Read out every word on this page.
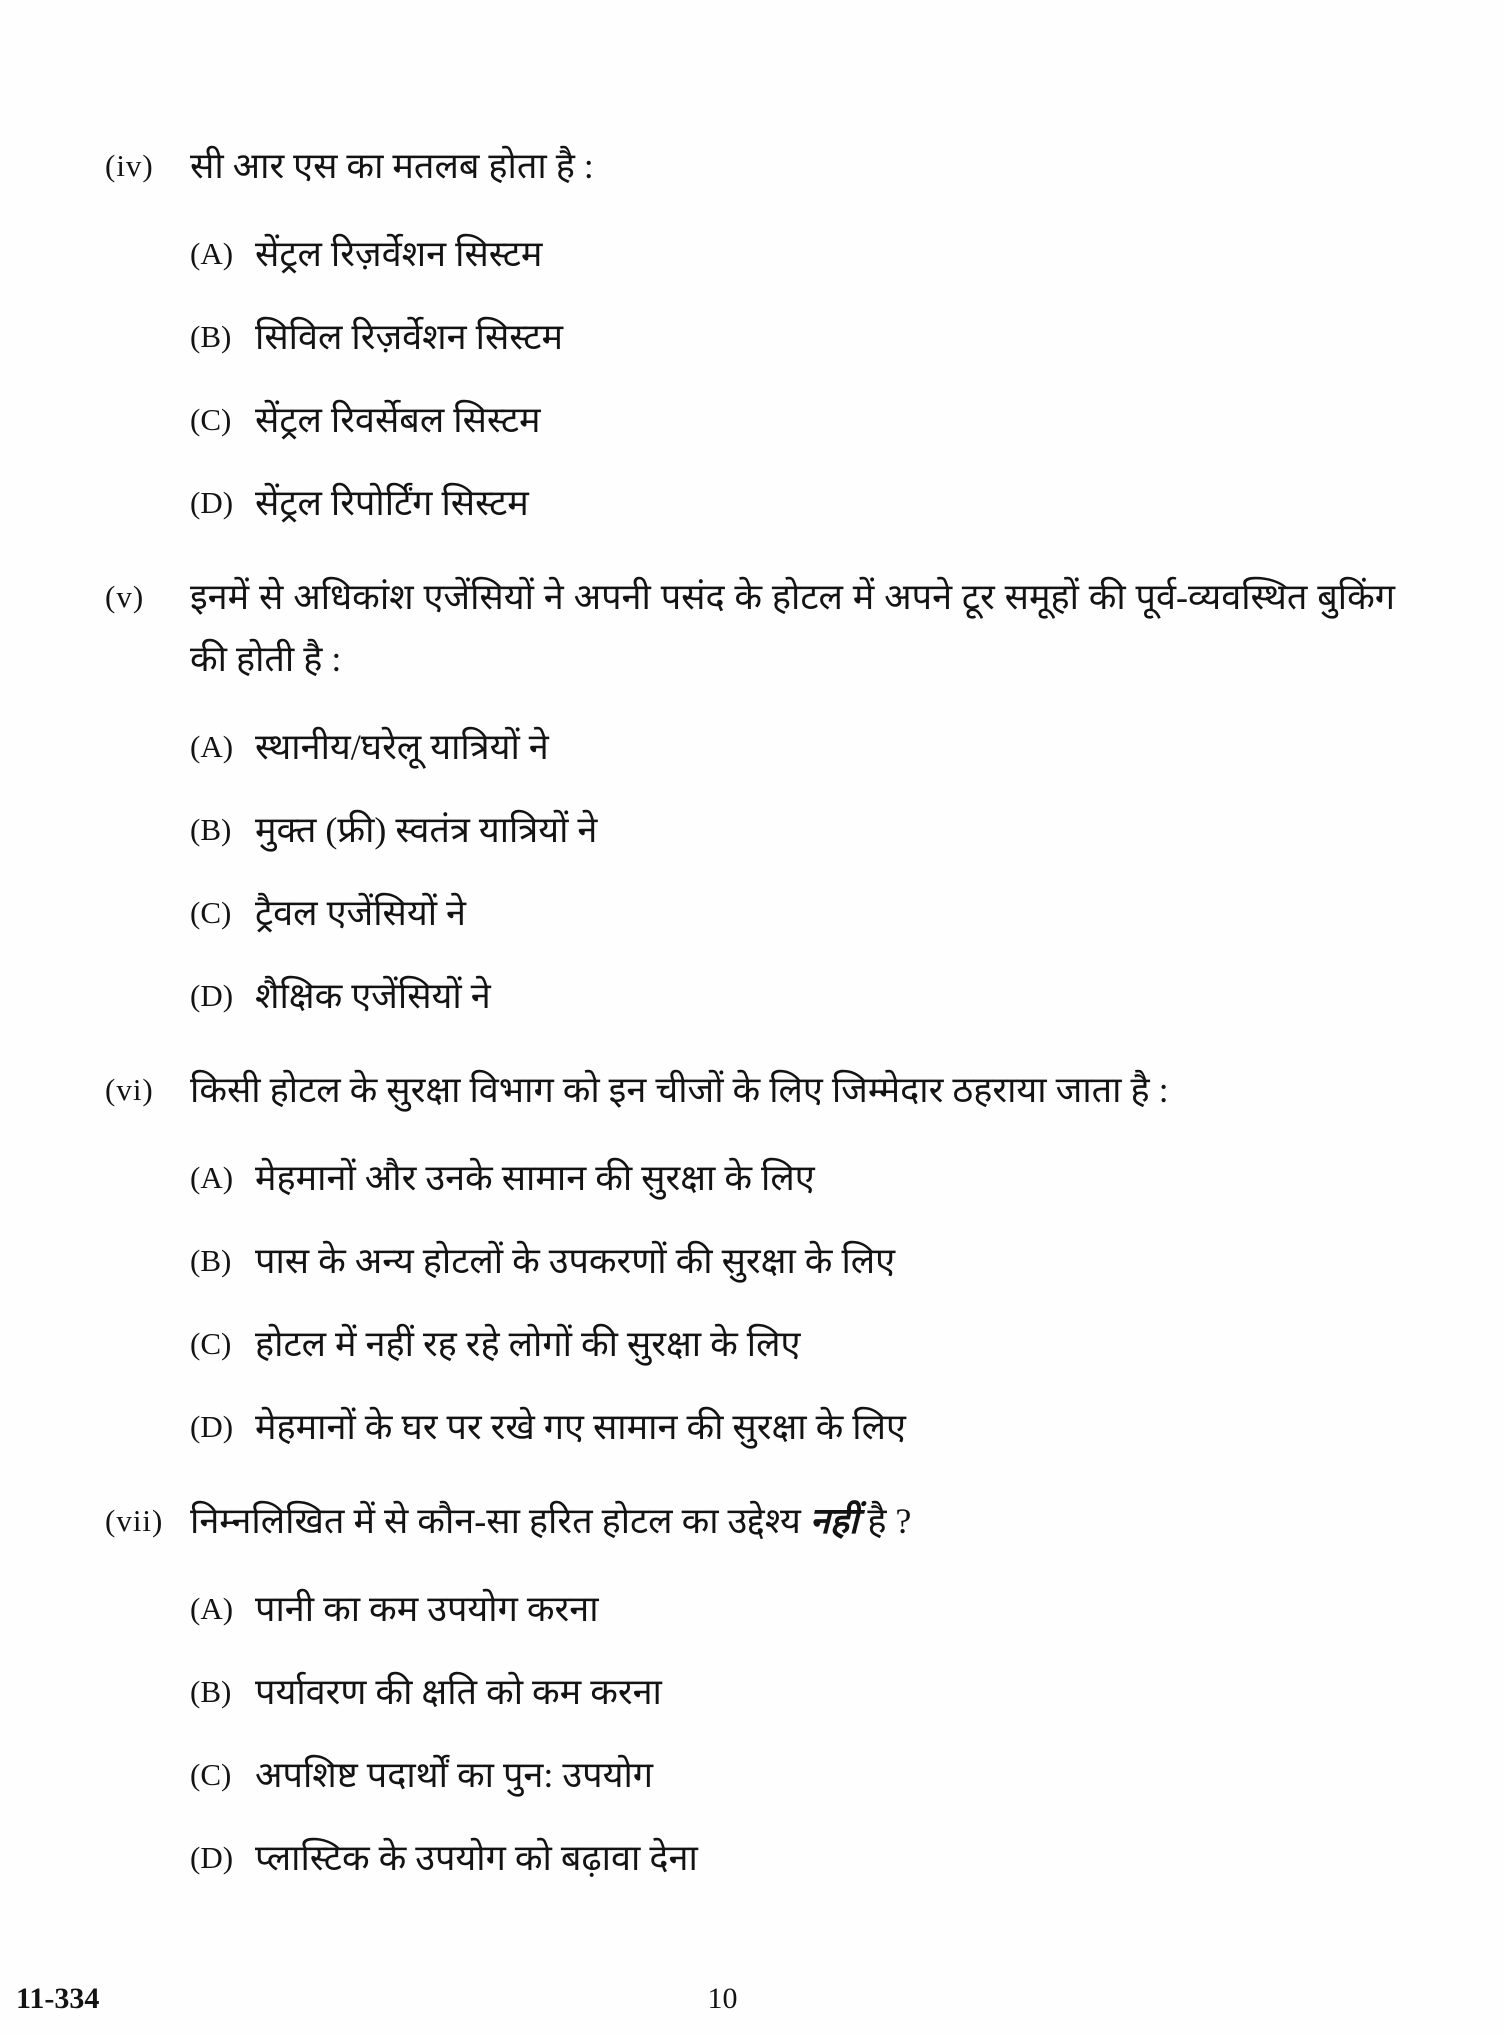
(iv)	सी आर एस का मतलब होता है :

(A) सेंट्रल रिज़र्वेशन सिस्टम
(B) सिविल रिज़र्वेशन सिस्टम
(C) सेंट्रल रिवर्सेबल सिस्टम
(D) सेंट्रल रिपोर्टिंग सिस्टम
(v)	इनमें से अधिकांश एजेंसियों ने अपनी पसंद के होटल में अपने टूर समूहों की पूर्व-व्यवस्थित बुकिंग की होती है :

(A) स्थानीय/घरेलू यात्रियों ने
(B) मुक्त (फ्री) स्वतंत्र यात्रियों ने
(C) ट्रैवल एजेंसियों ने
(D) शैक्षिक एजेंसियों ने
(vi)	किसी होटल के सुरक्षा विभाग को इन चीजों के लिए जिम्मेदार ठहराया जाता है :

(A) मेहमानों और उनके सामान की सुरक्षा के लिए
(B) पास के अन्य होटलों के उपकरणों की सुरक्षा के लिए
(C) होटल में नहीं रह रहे लोगों की सुरक्षा के लिए
(D) मेहमानों के घर पर रखे गए सामान की सुरक्षा के लिए
(vii) निम्नलिखित में से कौन-सा हरित होटल का उद्देश्य नहीं है ?

(A) पानी का कम उपयोग करना
(B) पर्यावरण की क्षति को कम करना
(C) अपशिष्ट पदार्थों का पुन: उपयोग
(D) प्लास्टिक के उपयोग को बढ़ावा देना
11-334	10
